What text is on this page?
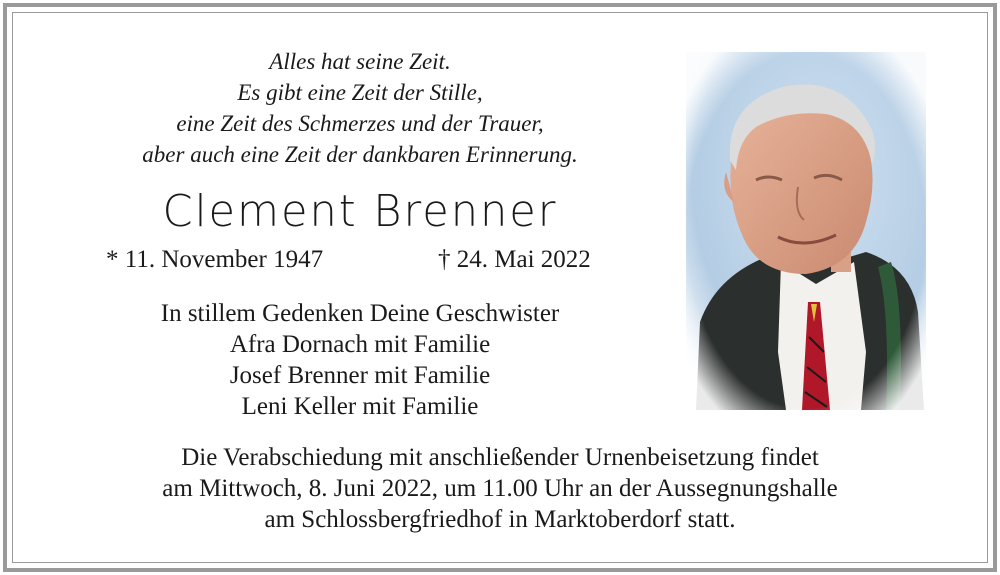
Alles hat seine Zeit.
Es gibt eine Zeit der Stille,
eine Zeit des Schmerzes und der Trauer,
aber auch eine Zeit der dankbaren Erinnerung.
Clement Brenner
* 11. November 1947	† 24. Mai 2022
In stillem Gedenken Deine Geschwister
Afra Dornach mit Familie
Josef Brenner mit Familie
Leni Keller mit Familie
Die Verabschiedung mit anschließender Urnenbeisetzung findet
am Mittwoch, 8. Juni 2022, um 11.00 Uhr an der Aussegnungshalle
am Schlossbergfriedhof in Marktoberdorf statt.
